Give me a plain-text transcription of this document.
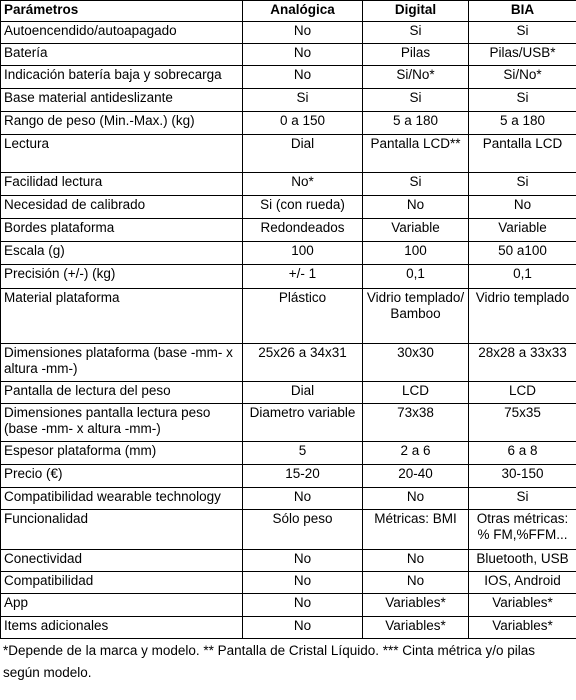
Parámetros	Analógica	Digital	BIA
Autoencendido/autoapagado	No	Si	Si
Batería	No	Pilas	Pilas/USB*
Indicación batería baja y sobrecarga	No	Si/No*	Si/No*
Base material antideslizante	Si	Si	Si
Rango de peso (Min.-Max.) (kg)	0 a 150	5 a 180	5 a 180
Lectura	Dial	Pantalla LCD**	Pantalla LCD
Facilidad lectura	No*	Si	Si
Necesidad de calibrado	Si (con rueda)	No	No
Bordes plataforma	Redondeados	Variable	Variable
Escala (g)	100	100	50 a100
Precisión (+/-) (kg)	+/- 1	0,1	0,1
Material plataforma	Plástico	Vidrio templado/ Bamboo	Vidrio templado
Dimensiones plataforma (base -mm- x altura -mm-)	25x26 a 34x31	30x30	28x28 a 33x33
Pantalla de lectura del peso	Dial	LCD	LCD
Dimensiones pantalla lectura peso (base -mm- x altura -mm-)	Diametro variable	73x38	75x35
Espesor plataforma (mm)	5	2 a 6	6 a 8
Precio (€)	15-20	20-40	30-150
Compatibilidad wearable technology	No	No	Si
Funcionalidad	Sólo peso	Métricas: BMI	Otras métricas: % FM,%FFM...
Conectividad	No	No	Bluetooth, USB
Compatibilidad	No	No	IOS, Android
App	No	Variables*	Variables*
Items adicionales	No	Variables*	Variables*
*Depende de la marca y modelo. ** Pantalla de Cristal Líquido. *** Cinta métrica y/o pilas según modelo.
